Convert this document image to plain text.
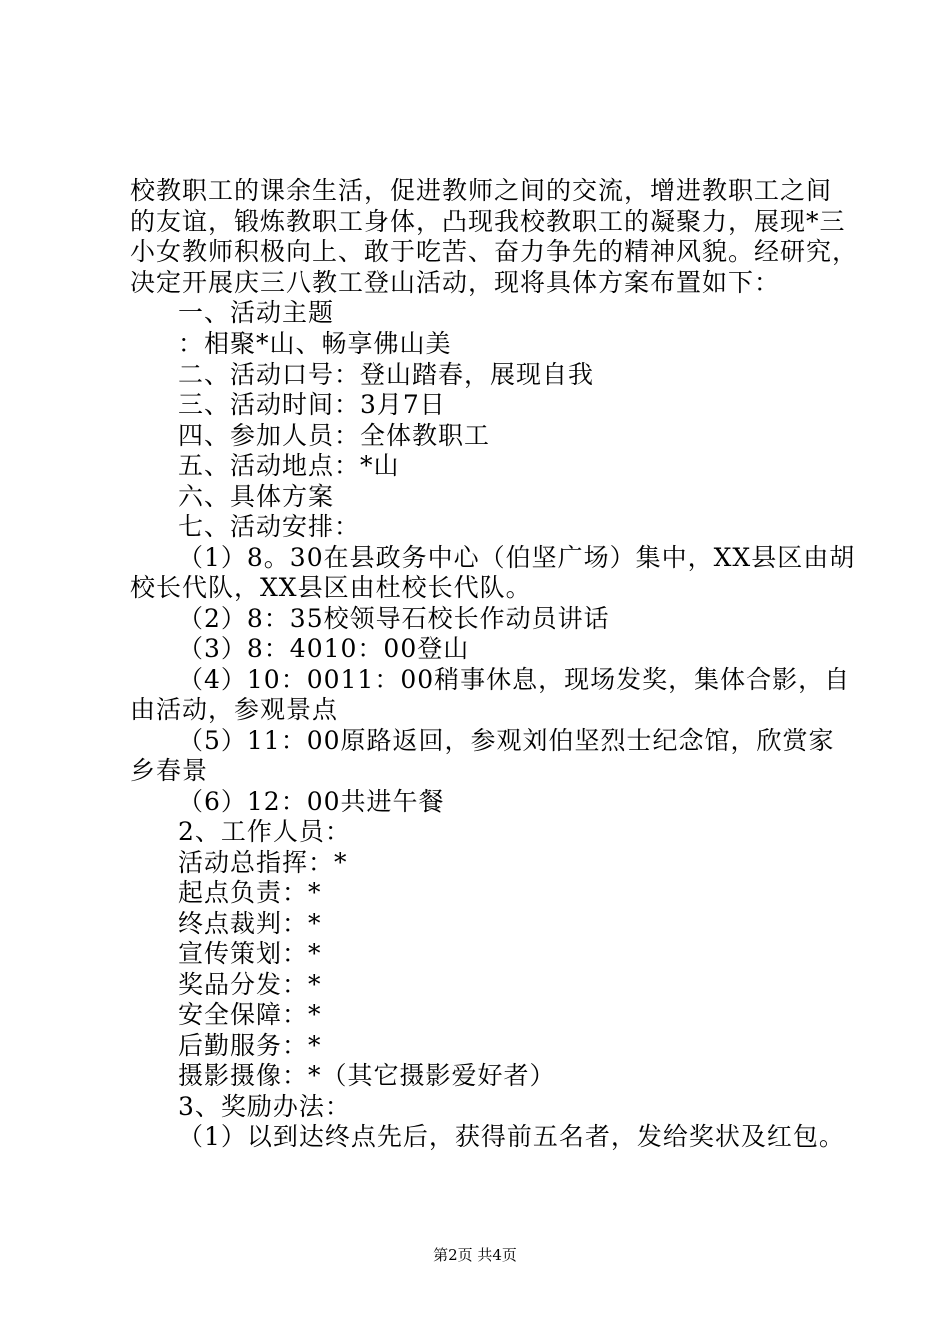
校教职工的课余生活，促进教师之间的交流，增进教职工之间
的友谊，锻炼教职工身体，凸现我校教职工的凝聚力，展现*三
小女教师积极向上、敢于吃苦、奋力争先的精神风貌。经研究，
决定开展庆三八教工登山活动，现将具体方案布置如下：
一、活动主题
：相聚*山、畅享佛山美
二、活动口号：登山踏春，展现自我
三、活动时间：3月7日
四、参加人员：全体教职工
五、活动地点：*山
六、具体方案
七、活动安排：
（1）8。30在县政务中心（伯坚广场）集中，XX县区由胡
校长代队，XX县区由杜校长代队。
（2）8：35校领导石校长作动员讲话
（3）8：4010：00登山
（4）10：0011：00稍事休息，现场发奖，集体合影，自
由活动，参观景点
（5）11：00原路返回，参观刘伯坚烈士纪念馆，欣赏家
乡春景
（6）12：00共进午餐
2、工作人员：
活动总指挥：*
起点负责：*
终点裁判：*
宣传策划：*
奖品分发：*
安全保障：*
后勤服务：*
摄影摄像：*（其它摄影爱好者）
3、奖励办法：
（1）以到达终点先后，获得前五名者，发给奖状及红包。
第2页 共4页
